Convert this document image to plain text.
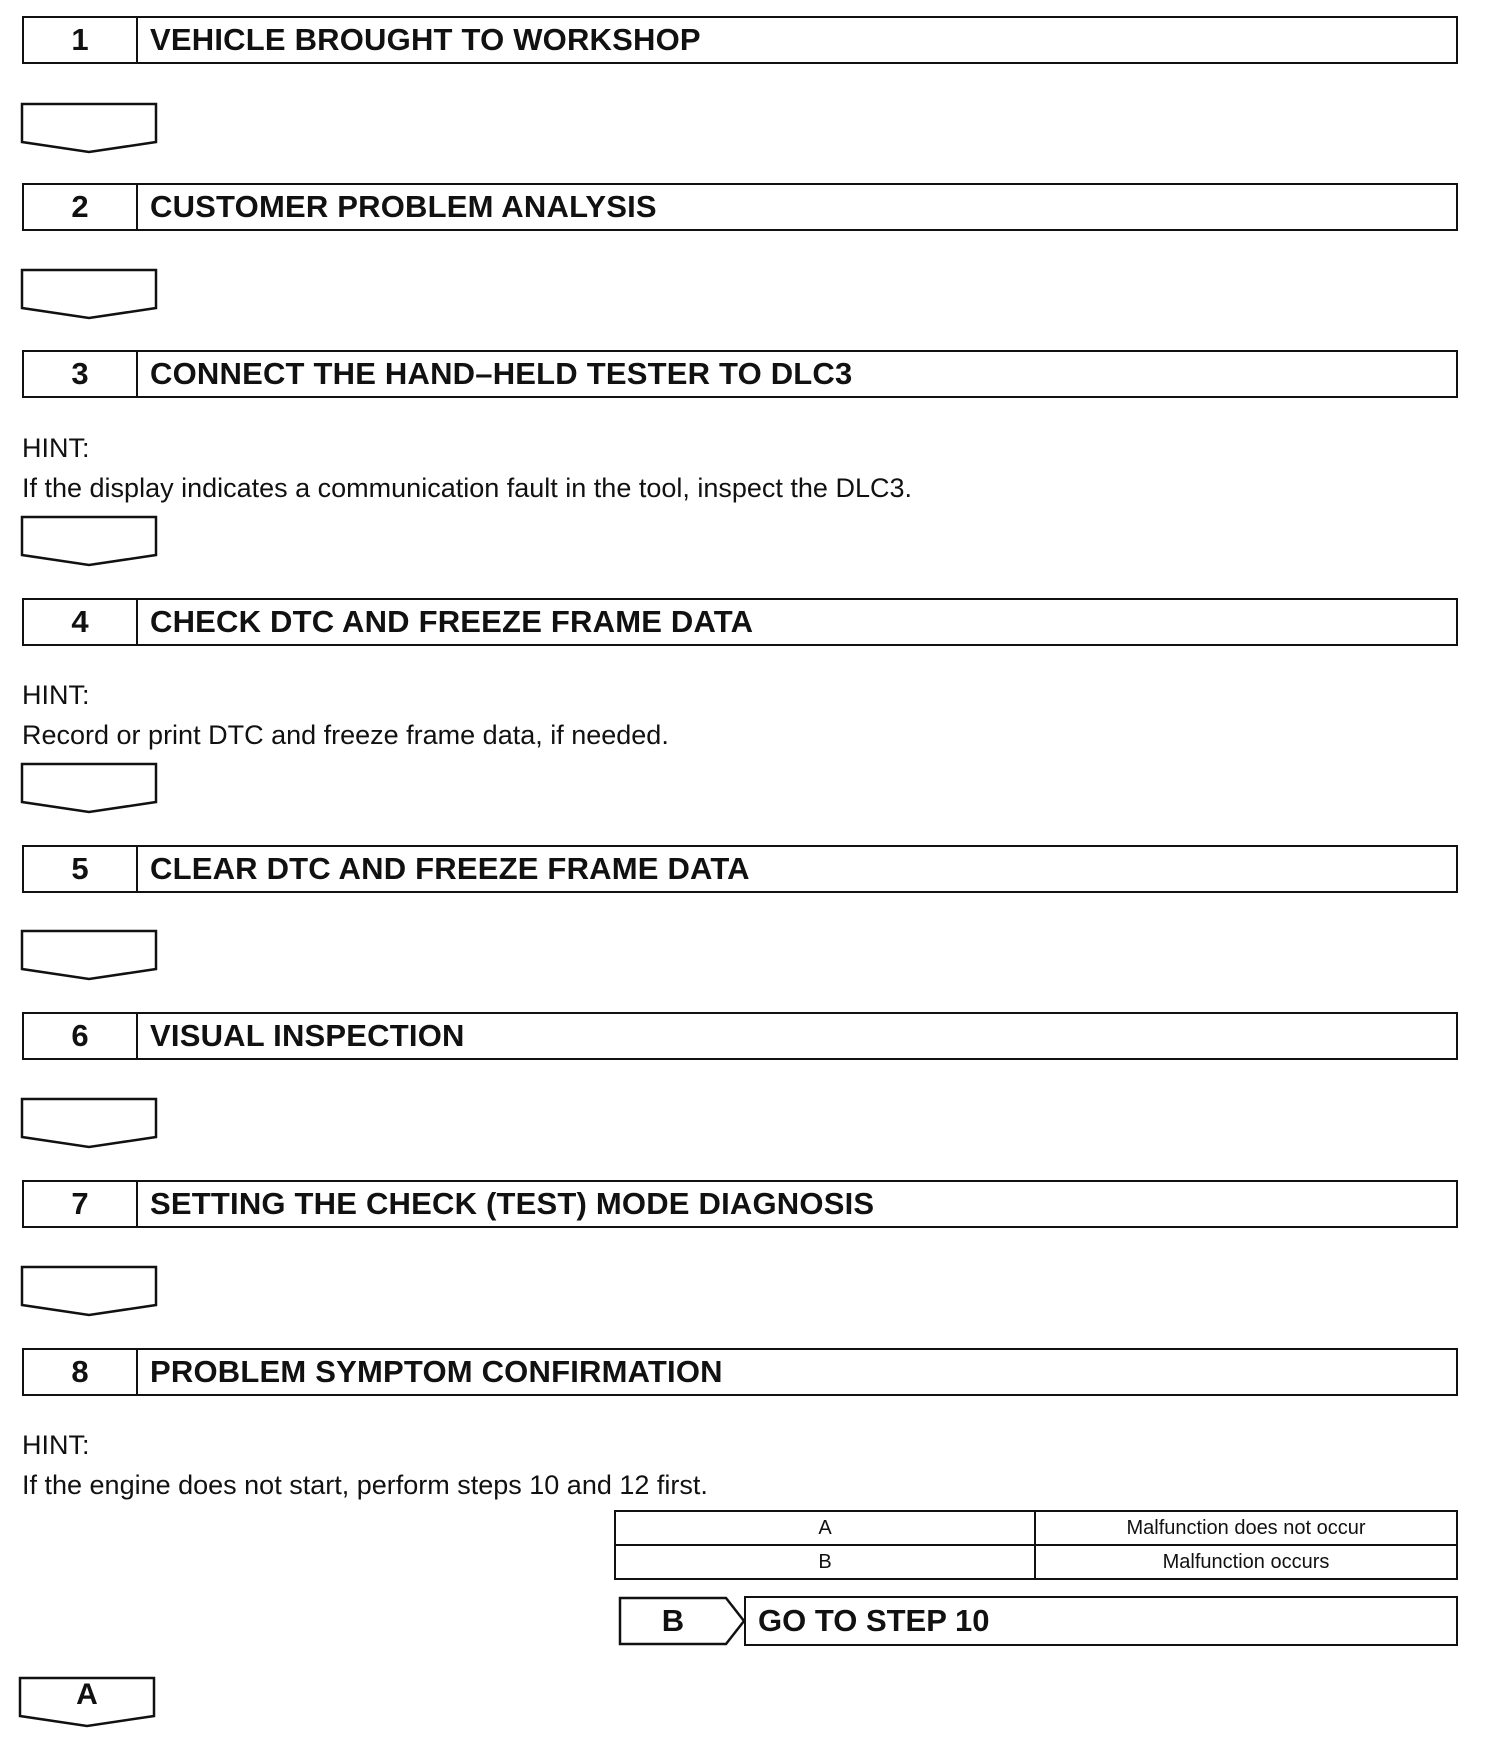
1	VEHICLE BROUGHT TO WORKSHOP
2	CUSTOMER PROBLEM ANALYSIS
3	CONNECT THE HAND–HELD TESTER TO DLC3
HINT:
If the display indicates a communication fault in the tool, inspect the DLC3.
4	CHECK DTC AND FREEZE FRAME DATA
HINT:
Record or print DTC and freeze frame data, if needed.
5	CLEAR DTC AND FREEZE FRAME DATA
6	VISUAL INSPECTION
7	SETTING THE CHECK (TEST) MODE DIAGNOSIS
8	PROBLEM SYMPTOM CONFIRMATION
HINT:
If the engine does not start, perform steps 10 and 12 first.
A	Malfunction does not occur
B	Malfunction occurs
B	GO TO STEP 10
A
